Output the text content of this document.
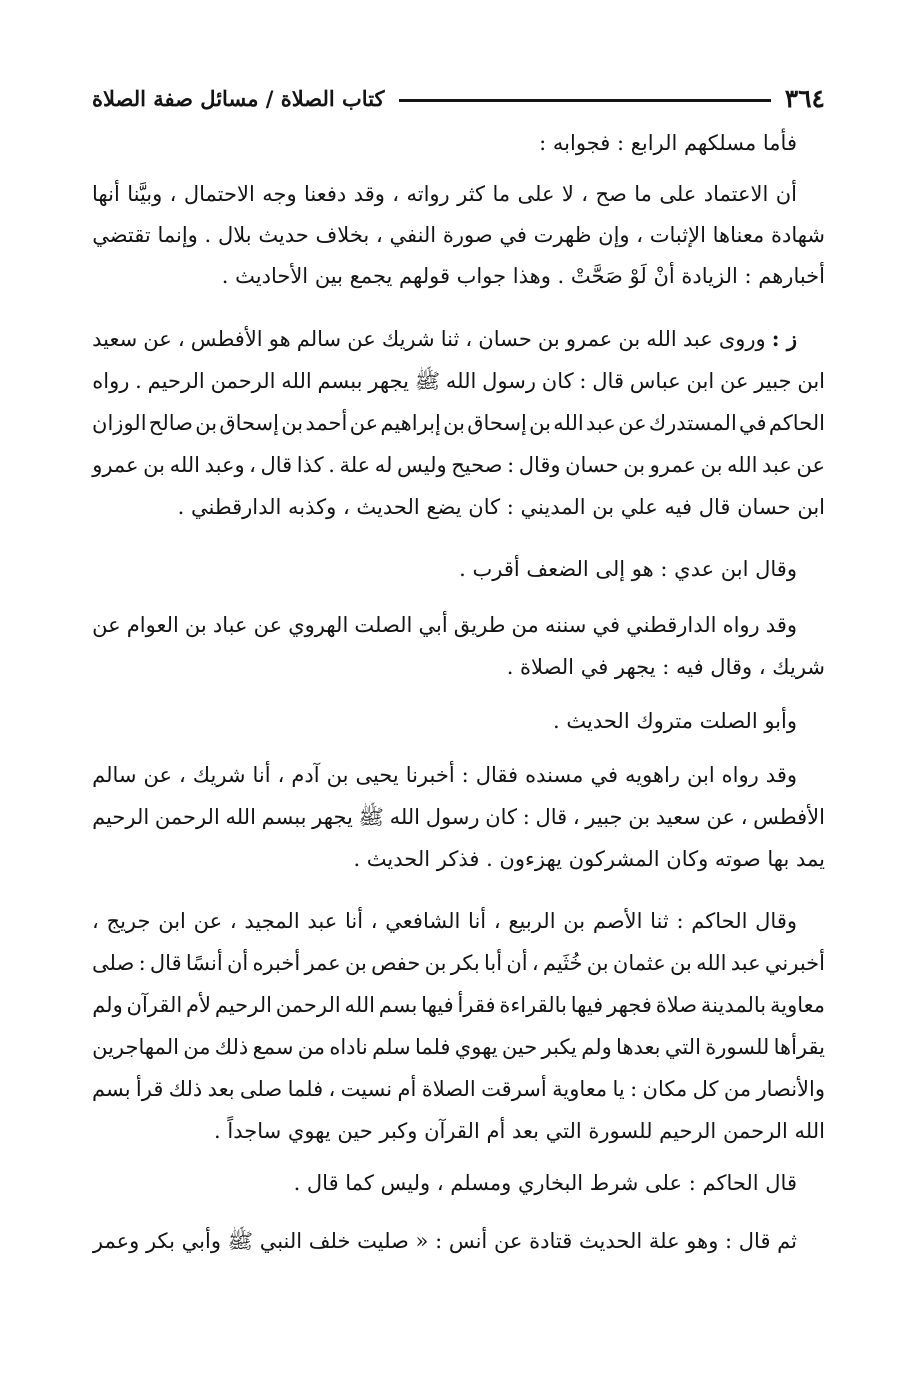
٣٦٤
كتاب الصلاة / مسائل صفة الصلاة
فأما مسلكهم الرابع : فجوابه :
أن
الاعتماد
على
ما
صح
،
لا
على
ما
كثر
رواته
،
وقد
دفعنا
وجه
الاحتمال
،
وبيَّنا
أنها
شهادة
معناها
الإثبات
،
وإن
ظهرت
في
صورة
النفي
،
بخلاف
حديث
بلال
.
وإنما
تقتضي
أخبارهم : الزيادة أنْ لَوْ صَحَّتْ . وهذا جواب قولهم يجمع بين الأحاديث .
ز :
وروى
عبد
الله
بن
عمرو
بن
حسان
،
ثنا
شريك
عن
سالم
هو
الأفطس
،
عن
سعيد
ابن
جبير
عن
ابن
عباس
قال
:
كان
رسول
الله
ﷺ
يجهر
ببسم
الله
الرحمن
الرحيم
.
رواه
الحاكم
في
المستدرك
عن
عبد
الله
بن
إسحاق
بن
إبراهيم
عن
أحمد
بن
إسحاق
بن
صالح
الوزان
عن
عبد
الله
بن
عمرو
بن
حسان
وقال
:
صحيح
وليس
له
علة
.
كذا
قال
،
وعبد
الله
بن
عمرو
ابن حسان قال فيه علي بن المديني : كان يضع الحديث ، وكذبه الدارقطني .
وقال ابن عدي : هو إلى الضعف أقرب .
وقد
رواه
الدارقطني
في
سننه
من
طريق
أبي
الصلت
الهروي
عن
عباد
بن
العوام
عن
شريك ، وقال فيه : يجهر في الصلاة .
وأبو الصلت متروك الحديث .
وقد
رواه
ابن
راهويه
في
مسنده
فقال
:
أخبرنا
يحيى
بن
آدم
،
أنا
شريك
،
عن
سالم
الأفطس
،
عن
سعيد
بن
جبير
،
قال
:
كان
رسول
الله
ﷺ
يجهر
ببسم
الله
الرحمن
الرحيم
يمد بها صوته وكان المشركون يهزءون . فذكر الحديث .
وقال
الحاكم
:
ثنا
الأصم
بن
الربيع
،
أنا
الشافعي
،
أنا
عبد
المجيد
،
عن
ابن
جريج
،
أخبرني
عبد
الله
بن
عثمان
بن
خُثَيم
،
أن
أبا
بكر
بن
حفص
بن
عمر
أخبره
أن
أنسًا
قال
:
صلى
معاوية
بالمدينة
صلاة
فجهر
فيها
بالقراءة
فقرأ
فيها
بسم
الله
الرحمن
الرحيم
لأم
القرآن
ولم
يقرأها
للسورة
التي
بعدها
ولم
يكبر
حين
يهوي
فلما
سلم
ناداه
من
سمع
ذلك
من
المهاجرين
والأنصار
من
كل
مكان
:
يا
معاوية
أسرقت
الصلاة
أم
نسيت
،
فلما
صلى
بعد
ذلك
قرأ
بسم
الله الرحمن الرحيم للسورة التي بعد أم القرآن وكبر حين يهوي ساجداً .
قال الحاكم : على شرط البخاري ومسلم ، وليس كما قال .
ثم قال : وهو علة الحديث قتادة عن أنس : « صليت خلف النبي ﷺ وأبي بكر وعمر
